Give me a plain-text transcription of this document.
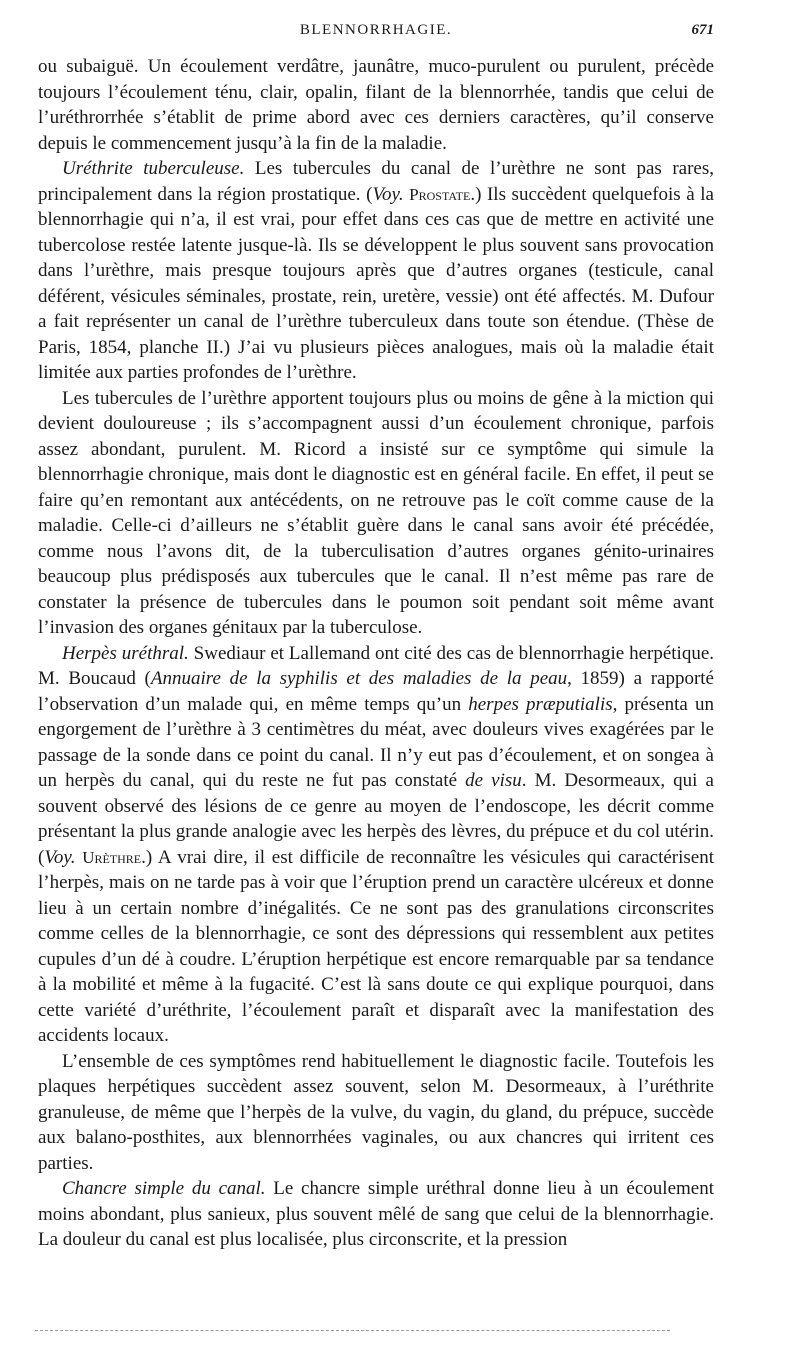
BLENNORRHAGIE.	671

ou subaiguë. Un écoulement verdâtre, jaunâtre, muco-purulent ou purulent, précède toujours l’écoulement ténu, clair, opalin, filant de la blennorrhée, tandis que celui de l’uréthrorrhée s’établit de prime abord avec ces derniers caractères, qu’il conserve depuis le commencement jusqu’à la fin de la maladie.

Uréthrite tuberculeuse. Les tubercules du canal de l’urèthre ne sont pas rares, principalement dans la région prostatique. (Voy. Prostate.) Ils succèdent quelquefois à la blennorrhagie qui n’a, il est vrai, pour effet dans ces cas que de mettre en activité une tubercolose restée latente jusque-là. Ils se développent le plus souvent sans provocation dans l’urèthre, mais presque toujours après que d’autres organes (testicule, canal déférent, vésicules séminales, prostate, rein, uretère, vessie) ont été affectés. M. Dufour a fait représenter un canal de l’urèthre tuberculeux dans toute son étendue. (Thèse de Paris, 1854, planche II.) J’ai vu plusieurs pièces analogues, mais où la maladie était limitée aux parties profondes de l’urèthre.

Les tubercules de l’urèthre apportent toujours plus ou moins de gêne à la miction qui devient douloureuse ; ils s’accompagnent aussi d’un écoulement chronique, parfois assez abondant, purulent. M. Ricord a insisté sur ce symptôme qui simule la blennorrhagie chronique, mais dont le diagnostic est en général facile. En effet, il peut se faire qu’en remontant aux antécédents, on ne retrouve pas le coït comme cause de la maladie. Celle-ci d’ailleurs ne s’établit guère dans le canal sans avoir été précédée, comme nous l’avons dit, de la tuberculisation d’autres organes génito-urinaires beaucoup plus prédisposés aux tubercules que le canal. Il n’est même pas rare de constater la présence de tubercules dans le poumon soit pendant soit même avant l’invasion des organes génitaux par la tuberculose.

Herpès uréthral. Swediaur et Lallemand ont cité des cas de blennorrhagie herpétique. M. Boucaud (Annuaire de la syphilis et des maladies de la peau, 1859) a rapporté l’observation d’un malade qui, en même temps qu’un herpes præputialis, présenta un engorgement de l’urèthre à 3 centimètres du méat, avec douleurs vives exagérées par le passage de la sonde dans ce point du canal. Il n’y eut pas d’écoulement, et on songea à un herpès du canal, qui du reste ne fut pas constaté de visu. M. Desormeaux, qui a souvent observé des lésions de ce genre au moyen de l’endoscope, les décrit comme présentant la plus grande analogie avec les herpès des lèvres, du prépuce et du col utérin. (Voy. Urèthre.) A vrai dire, il est difficile de reconnaître les vésicules qui caractérisent l’herpès, mais on ne tarde pas à voir que l’éruption prend un caractère ulcéreux et donne lieu à un certain nombre d’inégalités. Ce ne sont pas des granulations circonscrites comme celles de la blennorrhagie, ce sont des dépressions qui ressemblent aux petites cupules d’un dé à coudre. L’éruption herpétique est encore remarquable par sa tendance à la mobilité et même à la fugacité. C’est là sans doute ce qui explique pourquoi, dans cette variété d’uréthrite, l’écoulement paraît et disparaît avec la manifestation des accidents locaux.

L’ensemble de ces symptômes rend habituellement le diagnostic facile. Toutefois les plaques herpétiques succèdent assez souvent, selon M. Desormeaux, à l’uréthrite granuleuse, de même que l’herpès de la vulve, du vagin, du gland, du prépuce, succède aux balano-posthites, aux blennorrhées vaginales, ou aux chancres qui irritent ces parties.

Chancre simple du canal. Le chancre simple uréthral donne lieu à un écoulement moins abondant, plus sanieux, plus souvent mêlé de sang que celui de la blennorrhagie. La douleur du canal est plus localisée, plus circonscrite, et la pression
